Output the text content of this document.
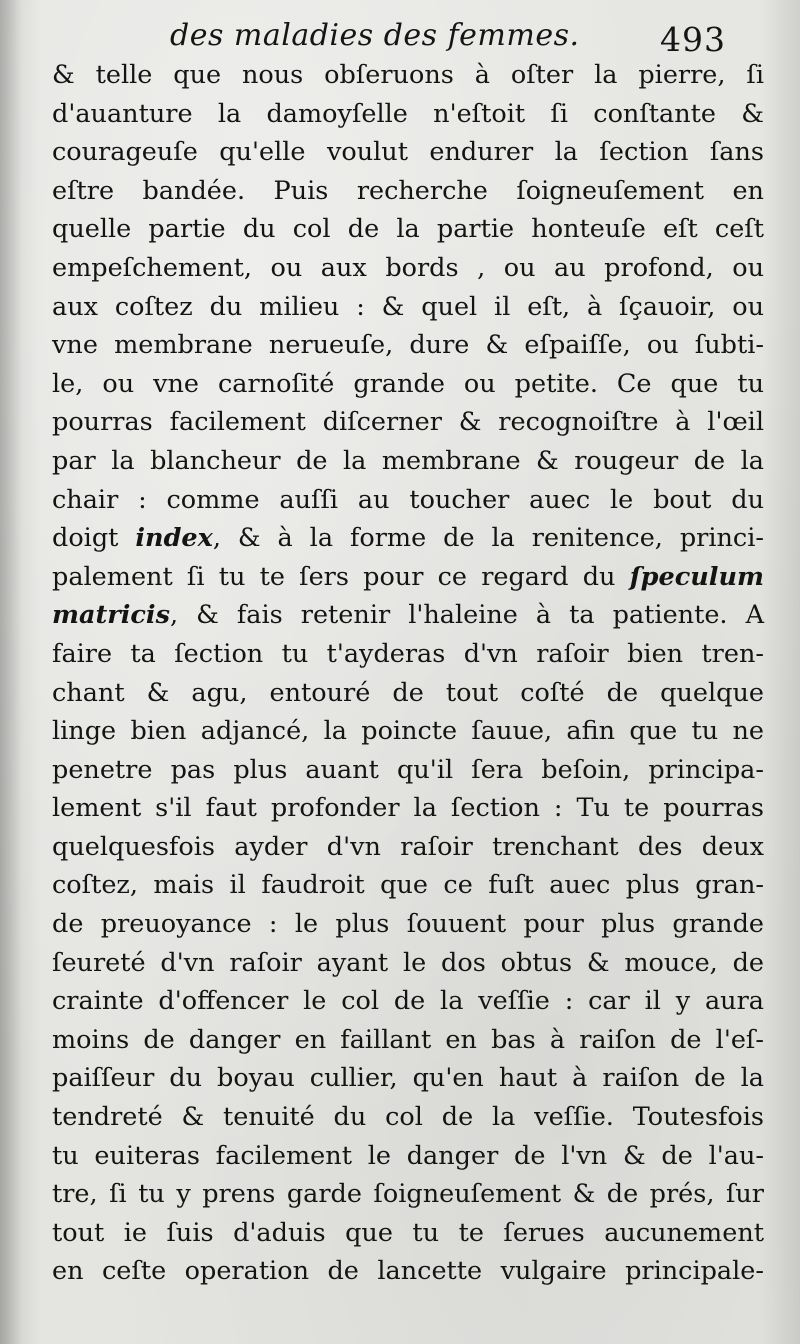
des maladies des femmes. 493
& telle que nous obſeruons à oſter la pierre, ſi
d'auanture la damoyſelle n'eſtoit ſi conſtante &
courageuſe qu'elle voulut endurer la ſection ſans
eſtre bandée. Puis recherche ſoigneuſement en
quelle partie du col de la partie honteuſe eſt ceſt
empeſchement, ou aux bords , ou au profond, ou
aux coſtez du milieu : & quel il eſt, à ſçauoir, ou
vne membrane nerueuſe, dure & eſpaiſſe, ou ſubti-
le, ou vne carnoſité grande ou petite. Ce que tu
pourras facilement diſcerner & recognoiſtre à l'œil
par la blancheur de la membrane & rougeur de la
chair : comme auſſi au toucher auec le bout du
doigt index, & à la forme de la renitence, princi-
palement ſi tu te ſers pour ce regard du ſpeculum
matricis, & fais retenir l'haleine à ta patiente. A
faire ta ſection tu t'ayderas d'vn raſoir bien tren-
chant & agu, entouré de tout coſté de quelque
linge bien adjancé, la poincte ſauue, afin que tu ne
penetre pas plus auant qu'il ſera beſoin, principa-
lement s'il faut profonder la ſection : Tu te pourras
quelquesfois ayder d'vn raſoir trenchant des deux
coſtez, mais il faudroit que ce fuſt auec plus gran-
de preuoyance : le plus ſouuent pour plus grande
ſeureté d'vn raſoir ayant le dos obtus & mouce, de
crainte d'offencer le col de la veſſie : car il y aura
moins de danger en faillant en bas à raiſon de l'eſ-
paiſſeur du boyau cullier, qu'en haut à raiſon de la
tendreté & tenuité du col de la veſſie. Toutesfois
tu euiteras facilement le danger de l'vn & de l'au-
tre, ſi tu y prens garde ſoigneuſement & de prés, ſur
tout ie ſuis d'aduis que tu te ſerues aucunement
en ceſte operation de lancette vulgaire principale-
